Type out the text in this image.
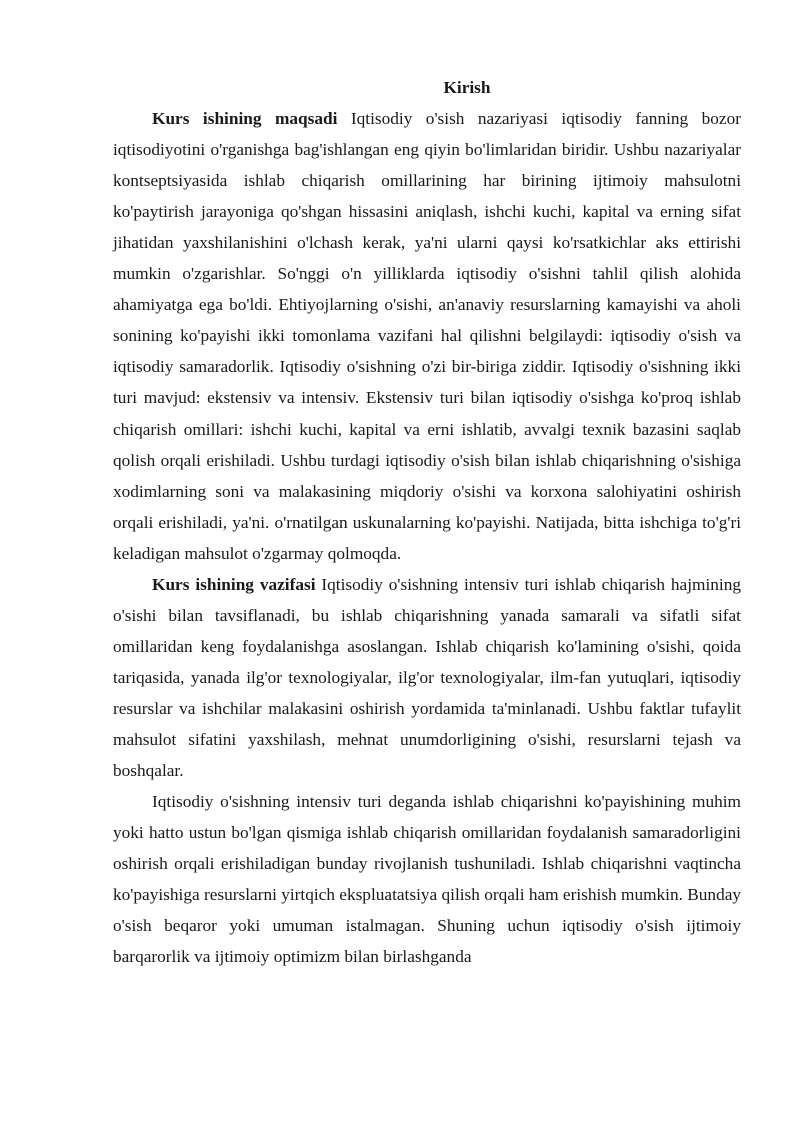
Kirish

Kurs ishining maqsadi Iqtisodiy o'sish nazariyasi iqtisodiy fanning bozor iqtisodiyotini o'rganishga bag'ishlangan eng qiyin bo'limlaridan biridir. Ushbu nazariyalar kontseptsiyasida ishlab chiqarish omillarining har birining ijtimoiy mahsulotni ko'paytirish jarayoniga qo'shgan hissasini aniqlash, ishchi kuchi, kapital va erning sifat jihatidan yaxshilanishini o'lchash kerak, ya'ni ularni qaysi ko'rsatkichlar aks ettirishi mumkin o'zgarishlar. So'nggi o'n yilliklarda iqtisodiy o'sishni tahlil qilish alohida ahamiyatga ega bo'ldi. Ehtiyojlarning o'sishi, an'anaviy resurslarning kamayishi va aholi sonining ko'payishi ikki tomonlama vazifani hal qilishni belgilaydi: iqtisodiy o'sish va iqtisodiy samaradorlik. Iqtisodiy o'sishning o'zi bir-biriga ziddir. Iqtisodiy o'sishning ikki turi mavjud: ekstensiv va intensiv. Ekstensiv turi bilan iqtisodiy o'sishga ko'proq ishlab chiqarish omillari: ishchi kuchi, kapital va erni ishlatib, avvalgi texnik bazasini saqlab qolish orqali erishiladi. Ushbu turdagi iqtisodiy o'sish bilan ishlab chiqarishning o'sishiga xodimlarning soni va malakasining miqdoriy o'sishi va korxona salohiyatini oshirish orqali erishiladi, ya'ni. o'rnatilgan uskunalarning ko'payishi. Natijada, bitta ishchiga to'g'ri keladigan mahsulot o'zgarmay qolmoqda.

Kurs ishining vazifasi Iqtisodiy o'sishning intensiv turi ishlab chiqarish hajmining o'sishi bilan tavsiflanadi, bu ishlab chiqarishning yanada samarali va sifatli sifat omillaridan keng foydalanishga asoslangan. Ishlab chiqarish ko'lamining o'sishi, qoida tariqasida, yanada ilg'or texnologiyalar, ilg'or texnologiyalar, ilm-fan yutuqlari, iqtisodiy resurslar va ishchilar malakasini oshirish yordamida ta'minlanadi. Ushbu faktlar tufaylit mahsulot sifatini yaxshilash, mehnat unumdorligining o'sishi, resurslarni tejash va boshqalar.

Iqtisodiy o'sishning intensiv turi deganda ishlab chiqarishni ko'payishining muhim yoki hatto ustun bo'lgan qismiga ishlab chiqarish omillaridan foydalanish samaradorligini oshirish orqali erishiladigan bunday rivojlanish tushuniladi. Ishlab chiqarishni vaqtincha ko'payishiga resurslarni yirtqich ekspluatatsiya qilish orqali ham erishish mumkin. Bunday o'sish beqaror yoki umuman istalmagan. Shuning uchun iqtisodiy o'sish ijtimoiy barqarorlik va ijtimoiy optimizm bilan birlashganda
